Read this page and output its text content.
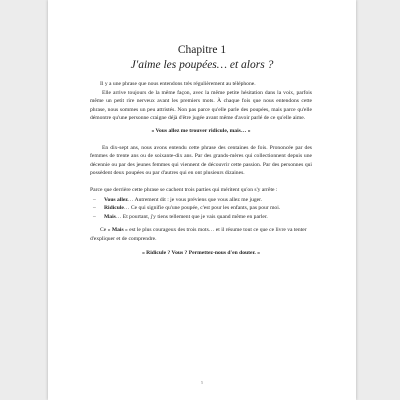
Chapitre 1
J'aime les poupées… et alors ?

Il y a une phrase que nous entendons très régulièrement au téléphone.

Elle arrive toujours de la même façon, avec la même petite hésitation dans la voix, parfois même un petit rire nerveux avant les premiers mots. À chaque fois que nous entendons cette phrase, nous sommes un peu attristés. Non pas parce qu'elle parle des poupées, mais parce qu'elle démontre qu'une personne craigne déjà d'être jugée avant même d'avoir parlé de ce qu'elle aime.

« Vous allez me trouver ridicule, mais… »

En dix-sept ans, nous avons entendu cette phrase des centaines de fois. Prononcée par des femmes de trente ans ou de soixante-dix ans. Par des grands-mères qui collectionnent depuis une décennie ou par des jeunes femmes qui viennent de découvrir cette passion. Par des personnes qui possèdent deux poupées ou par d'autres qui en ont plusieurs dizaines.

Parce que derrière cette phrase se cachent trois parties qui méritent qu'on s'y arrête :

– Vous allez… Autrement dit : je vous préviens que vous allez me juger.
– Ridicule… Ce qui signifie qu'une poupée, c'est pour les enfants, pas pour moi.
– Mais… Et pourtant, j'y tiens tellement que je vais quand même en parler.

Ce « Mais » est le plus courageux des trois mots… et il résume tout ce que ce livre va tenter d'expliquer et de comprendre.

« Ridicule ? Vous ? Permettez-nous d'en douter. »

5
